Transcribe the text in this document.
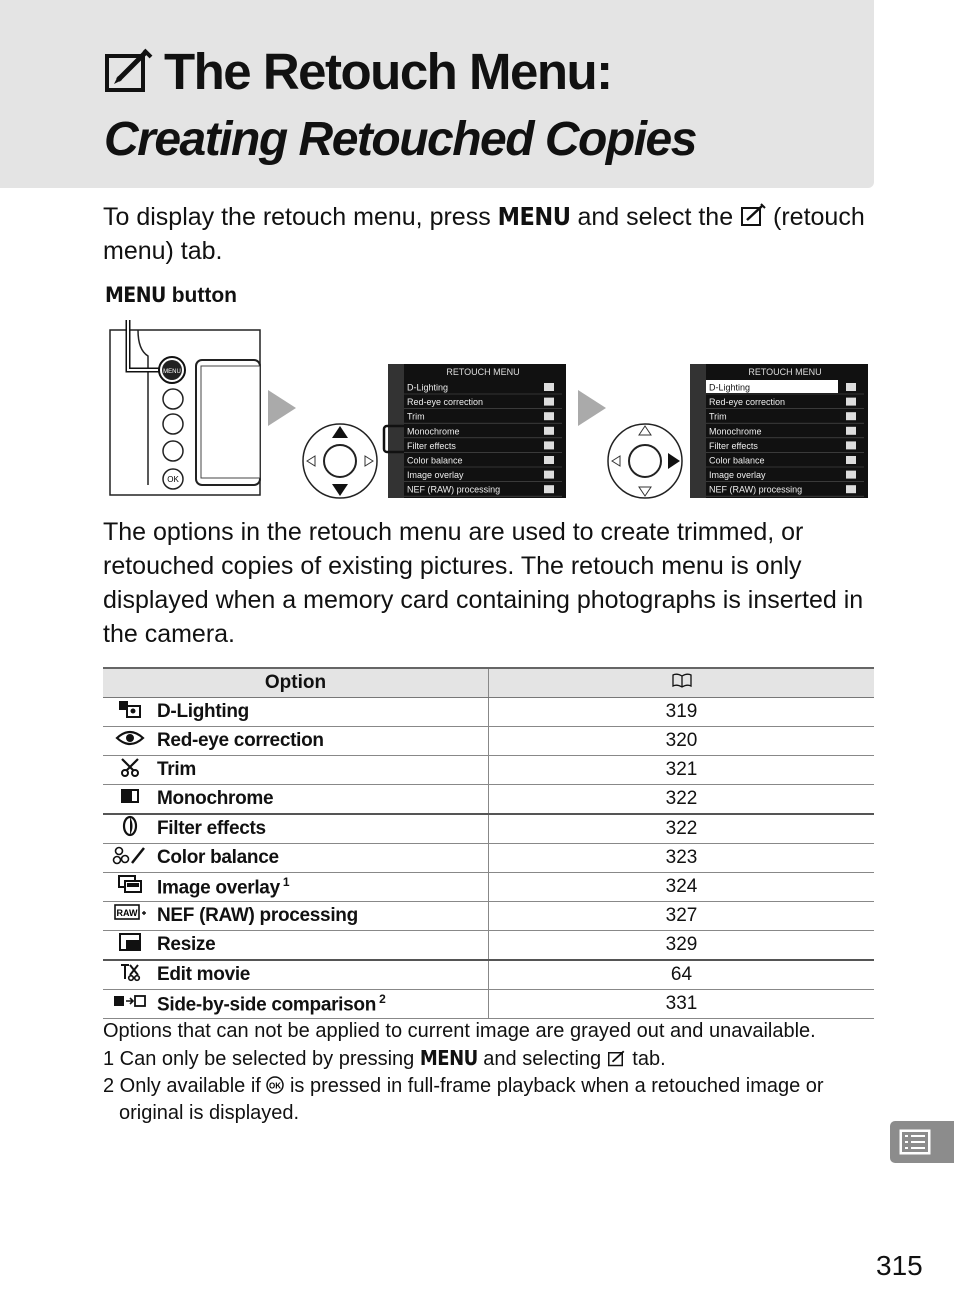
The Retouch Menu:
Creating Retouched Copies
To display the retouch menu, press MENU and select the  (retouch menu) tab.
MENU button
MENU
OK
RETOUCH MENU
D-Lighting
Red-eye correction
Trim
Monochrome
Filter effects
Color balance
Image overlay
NEF (RAW) processing
RETOUCH MENU
D-Lighting
Red-eye correction
Trim
Monochrome
Filter effects
Color balance
Image overlay
NEF (RAW) processing
The options in the retouch menu are used to create trimmed, or retouched copies of existing pictures. The retouch menu is only displayed when a memory card containing photographs is inserted in the camera.
Option	
	D-Lighting	319
	Red-eye correction	320
	Trim	321
	Monochrome	322
	Filter effects	322
	Color balance	323
	Image overlay $^1$	324

RAW	NEF (RAW) processing	327
	Resize	329
	Edit movie	64
	Side-by-side comparison $^2$	331
Options that can not be applied to current image are grayed out and unavailable.
1 Can only be selected by pressing MENU and selecting  tab.
2 Only available if OK is pressed in full-frame playback when a retouched image or original is displayed.
315
